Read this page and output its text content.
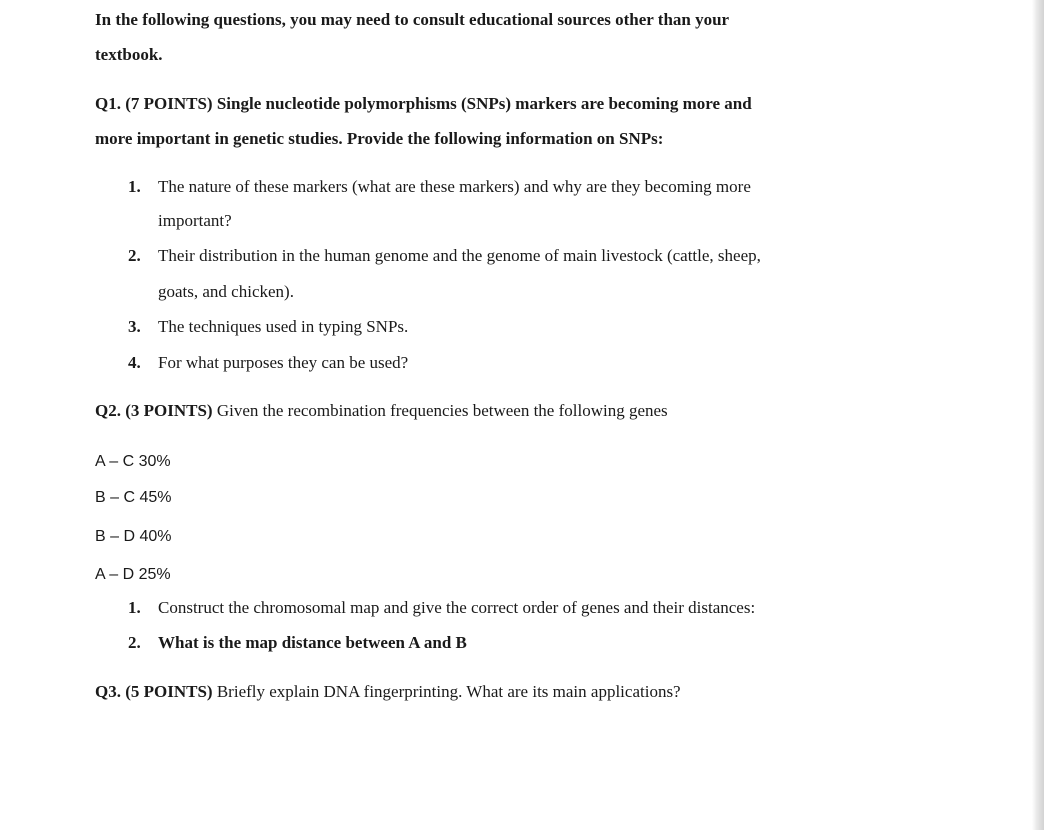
In the following questions, you may need to consult educational sources other than your
textbook.
Q1. (7 POINTS) Single nucleotide polymorphisms (SNPs) markers are becoming more and
more important in genetic studies. Provide the following information on SNPs:
1. The nature of these markers (what are these markers) and why are they becoming more
important?
2. Their distribution in the human genome and the genome of main livestock (cattle, sheep,
goats, and chicken).
3. The techniques used in typing SNPs.
4. For what purposes they can be used?
Q2. (3 POINTS) Given the recombination frequencies between the following genes
A – C 30%
B – C 45%
B – D 40%
A – D 25%
1. Construct the chromosomal map and give the correct order of genes and their distances:
2. What is the map distance between A and B
Q3. (5 POINTS) Briefly explain DNA fingerprinting. What are its main applications?
